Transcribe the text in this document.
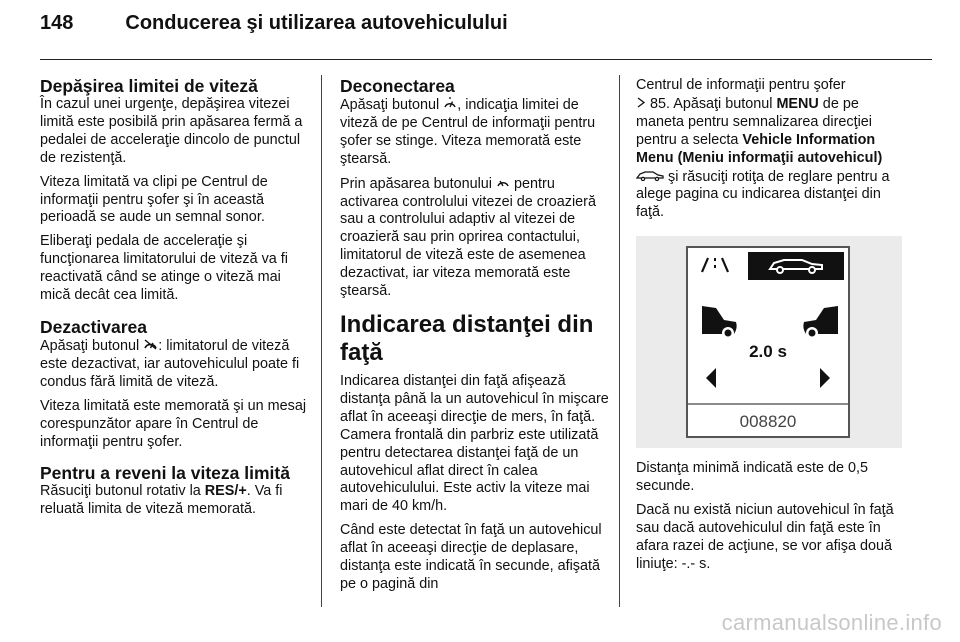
148	Conducerea şi utilizarea autovehiculului
Depăşirea limitei de viteză

În cazul unei urgenţe, depăşirea vitezei limită este posibilă prin apăsarea fermă a pedalei de acceleraţie dincolo de punctul de rezistenţă.

Viteza limitată va clipi pe Centrul de informaţii pentru şofer şi în această perioadă se aude un semnal sonor.

Eliberaţi pedala de acceleraţie şi funcţionarea limitatorului de viteză va fi reactivată când se atinge o viteză mai mică decât cea limită.

Dezactivarea

Apăsaţi butonul : limitatorul de viteză este dezactivat, iar autovehiculul poate fi condus fără limită de viteză.

Viteza limitată este memorată şi un mesaj corespunzător apare în Centrul de informaţii pentru şofer.

Pentru a reveni la viteza limită

Răsuciţi butonul rotativ la RES/+. Va fi reluată limita de viteză memorată.

Deconectarea

Apăsaţi butonul , indicaţia limitei de viteză de pe Centrul de informaţii pentru şofer se stinge. Viteza memorată este ştearsă.

Prin apăsarea butonului  pentru activarea controlului vitezei de croazieră sau a controlului adaptiv al vitezei de croazieră sau prin oprirea contactului, limitatorul de viteză este de asemenea dezactivat, iar viteza memorată este ştearsă.

Indicarea distanţei din faţă

Indicarea distanţei din faţă afişează distanţa până la un autovehicul în mişcare aflat în aceeaşi direcţie de mers, în faţă. Camera frontală din parbriz este utilizată pentru detectarea distanţei faţă de un autovehicul aflat direct în calea autovehiculului. Este activ la viteze mai mari de 40 km/h.

Când este detectat în faţă un autovehicul aflat în aceeaşi direcţie de deplasare, distanţa este indicată în secunde, afişată pe o pagină din

Centrul de informaţii pentru şofer
85. Apăsaţi butonul MENU de pe maneta pentru semnalizarea direcţiei pentru a selecta Vehicle Information Menu (Meniu informaţii autovehicul)
şi răsuciţi rotiţa de reglare pentru a alege pagina cu indicarea distanţei din faţă.

2.0 s
008820

Distanţa minimă indicată este de 0,5 secunde.

Dacă nu există niciun autovehicul în faţă sau dacă autovehiculul din faţă este în afara razei de acţiune, se vor afişa două liniuţe: -.- s.

carmanualsonline.info
